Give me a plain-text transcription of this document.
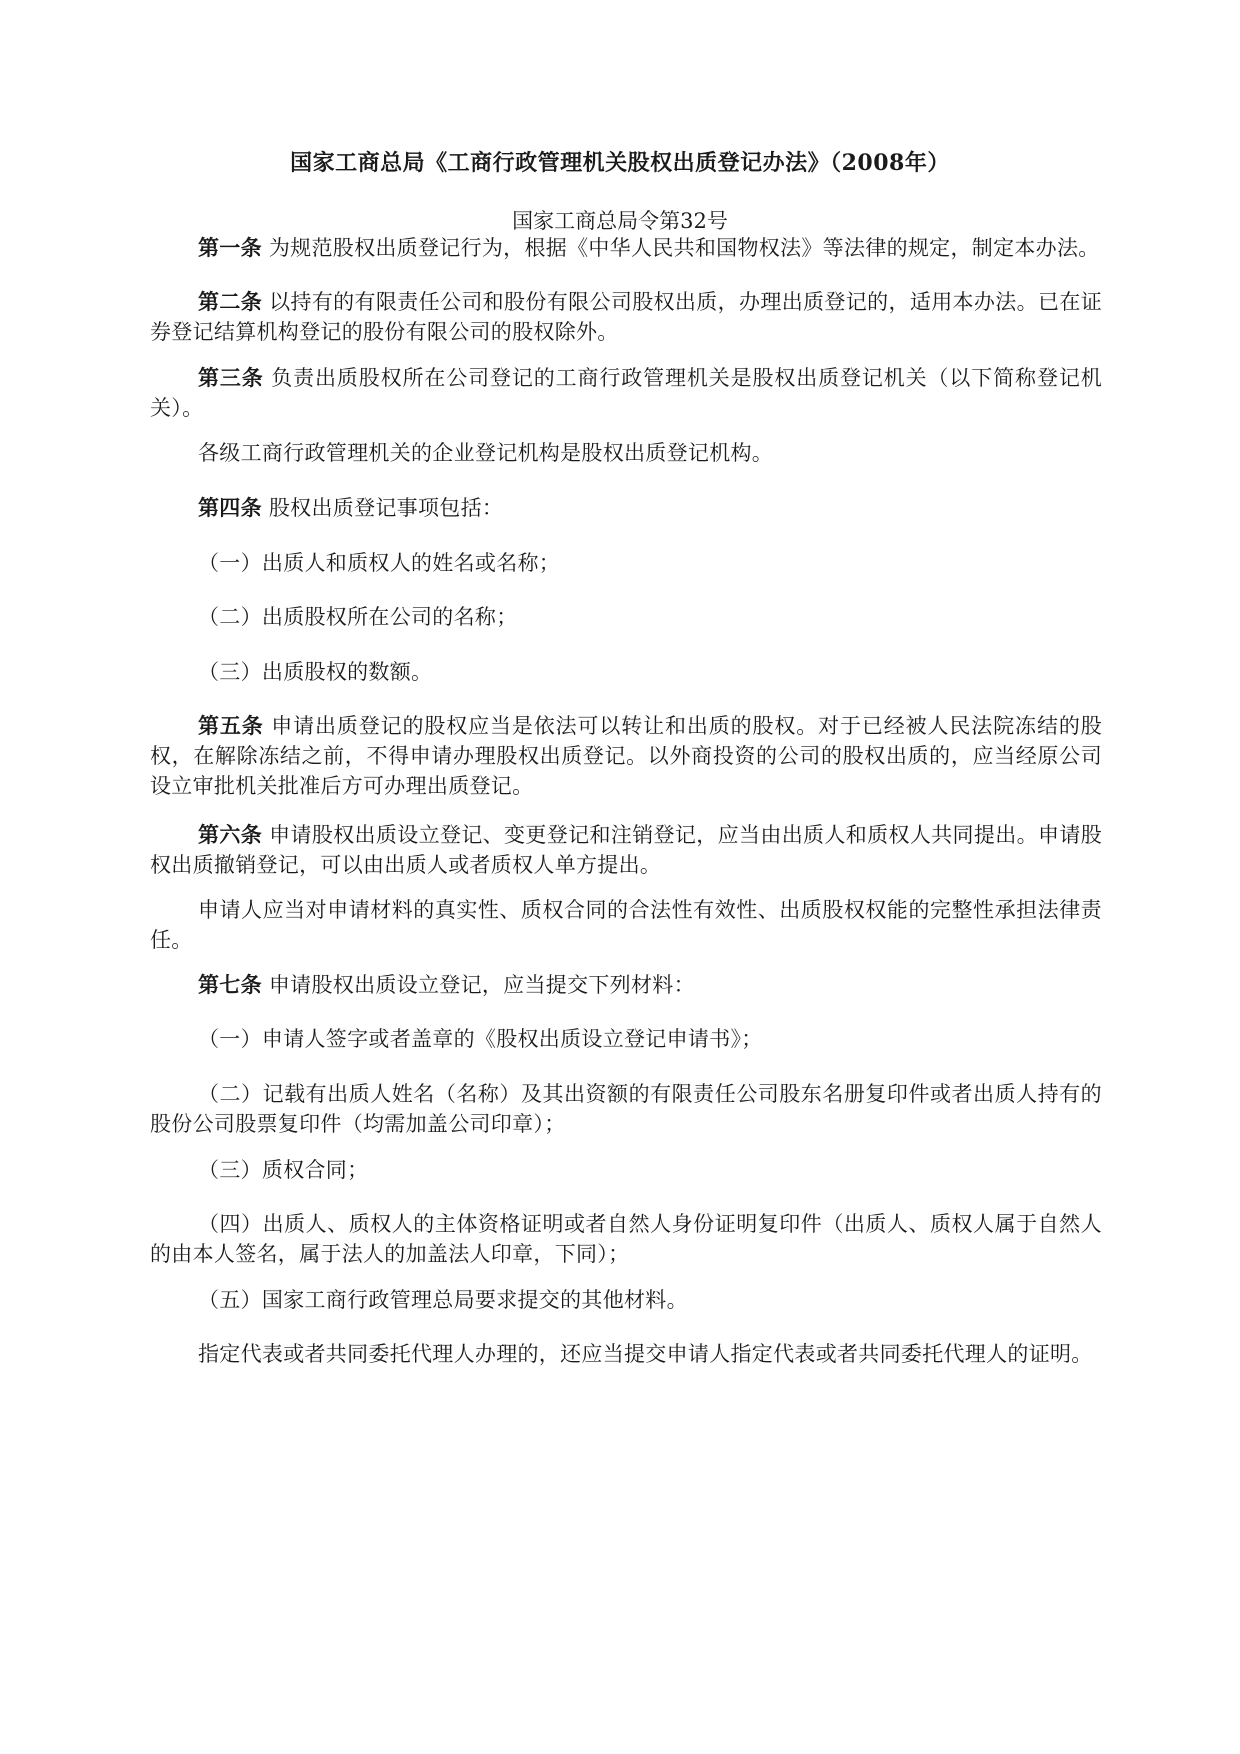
国家工商总局《工商行政管理机关股权出质登记办法》（2008年）
国家工商总局令第32号
第一条 为规范股权出质登记行为，根据《中华人民共和国物权法》等法律的规定，制定本办法。
第二条 以持有的有限责任公司和股份有限公司股权出质，办理出质登记的，适用本办法。已在证券登记结算机构登记的股份有限公司的股权除外。
第三条 负责出质股权所在公司登记的工商行政管理机关是股权出质登记机关（以下简称登记机关）。
各级工商行政管理机关的企业登记机构是股权出质登记机构。
第四条 股权出质登记事项包括：
（一）出质人和质权人的姓名或名称；
（二）出质股权所在公司的名称；
（三）出质股权的数额。
第五条 申请出质登记的股权应当是依法可以转让和出质的股权。对于已经被人民法院冻结的股权，在解除冻结之前，不得申请办理股权出质登记。以外商投资的公司的股权出质的，应当经原公司设立审批机关批准后方可办理出质登记。
第六条 申请股权出质设立登记、变更登记和注销登记，应当由出质人和质权人共同提出。申请股权出质撤销登记，可以由出质人或者质权人单方提出。
申请人应当对申请材料的真实性、质权合同的合法性有效性、出质股权权能的完整性承担法律责任。
第七条 申请股权出质设立登记，应当提交下列材料：
（一）申请人签字或者盖章的《股权出质设立登记申请书》；
（二）记载有出质人姓名（名称）及其出资额的有限责任公司股东名册复印件或者出质人持有的股份公司股票复印件（均需加盖公司印章）；
（三）质权合同；
（四）出质人、质权人的主体资格证明或者自然人身份证明复印件（出质人、质权人属于自然人的由本人签名，属于法人的加盖法人印章，下同）；
（五）国家工商行政管理总局要求提交的其他材料。
指定代表或者共同委托代理人办理的，还应当提交申请人指定代表或者共同委托代理人的证明。
